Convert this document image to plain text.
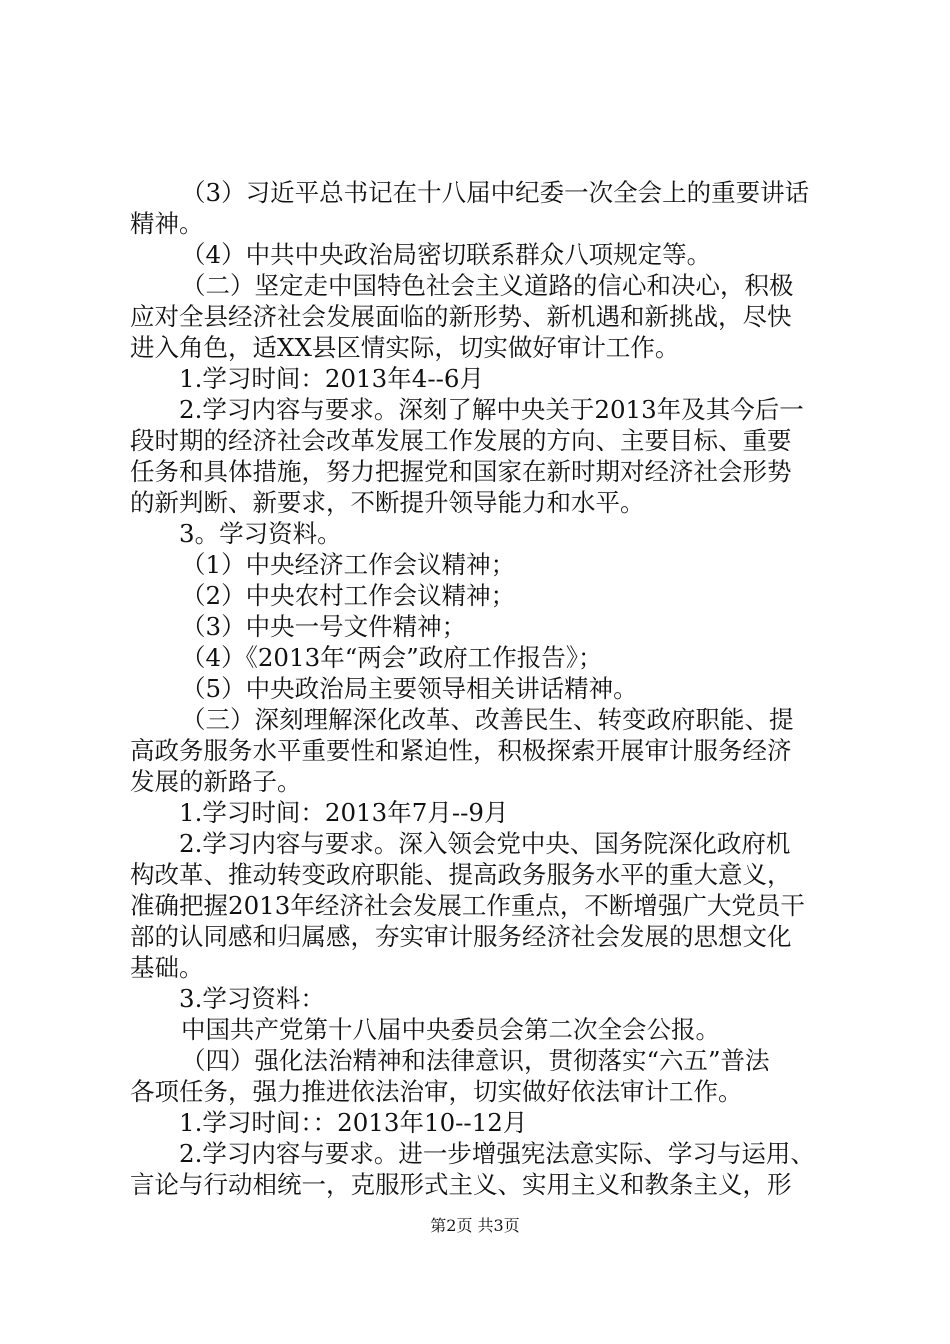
（3）习近平总书记在十八届中纪委一次全会上的重要讲话
精神。
（4）中共中央政治局密切联系群众八项规定等。
（二）坚定走中国特色社会主义道路的信心和决心，积极
应对全县经济社会发展面临的新形势、新机遇和新挑战，尽快
进入角色，适XX县区情实际，切实做好审计工作。
1.学习时间：2013年4--6月
2.学习内容与要求。深刻了解中央关于2013年及其今后一
段时期的经济社会改革发展工作发展的方向、主要目标、重要
任务和具体措施，努力把握党和国家在新时期对经济社会形势
的新判断、新要求，不断提升领导能力和水平。
3。学习资料。
（1）中央经济工作会议精神；
（2）中央农村工作会议精神；
（3）中央一号文件精神；
（4）《2013年“两会”政府工作报告》；
（5）中央政治局主要领导相关讲话精神。
（三）深刻理解深化改革、改善民生、转变政府职能、提
高政务服务水平重要性和紧迫性，积极探索开展审计服务经济
发展的新路子。
1.学习时间：2013年7月--9月
2.学习内容与要求。深入领会党中央、国务院深化政府机
构改革、推动转变政府职能、提高政务服务水平的重大意义，
准确把握2013年经济社会发展工作重点，不断增强广大党员干
部的认同感和归属感，夯实审计服务经济社会发展的思想文化
基础。
3.学习资料：
中国共产党第十八届中央委员会第二次全会公报。
（四）强化法治精神和法律意识，贯彻落实“六五”普法
各项任务，强力推进依法治审，切实做好依法审计工作。
1.学习时间：：2013年10--12月
2.学习内容与要求。进一步增强宪法意实际、学习与运用、
言论与行动相统一，克服形式主义、实用主义和教条主义，形
第2页 共3页
